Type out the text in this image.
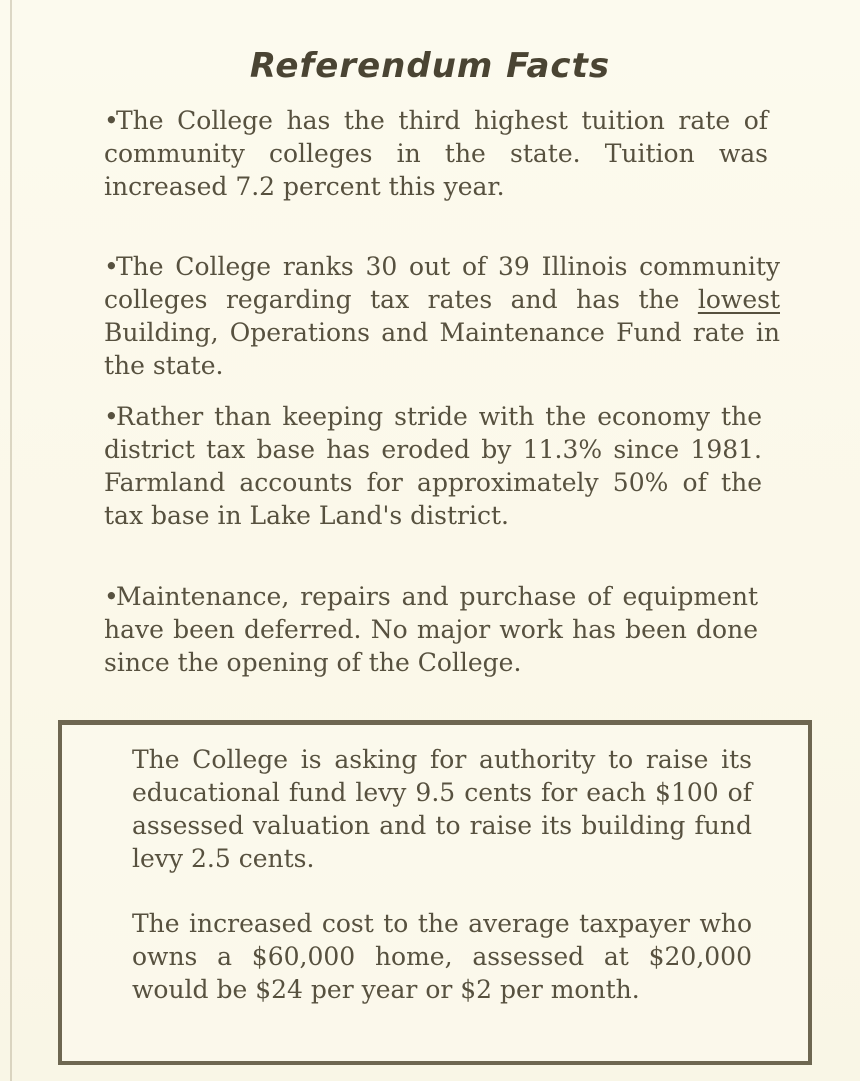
Referendum Facts
•The College has the third highest tuition rate of community colleges in the state. Tuition was increased 7.2 percent this year.
•The College ranks 30 out of 39 Illinois community colleges regarding tax rates and has the lowest Building, Operations and Maintenance Fund rate in the state.
•Rather than keeping stride with the economy the district tax base has eroded by 11.3% since 1981. Farmland accounts for approximately 50% of the tax base in Lake Land's district.
•Maintenance, repairs and purchase of equipment have been deferred. No major work has been done since the opening of the College.
The College is asking for authority to raise its educational fund levy 9.5 cents for each $100 of assessed valuation and to raise its building fund levy 2.5 cents.
The increased cost to the average taxpayer who owns a $60,000 home, assessed at $20,000 would be $24 per year or $2 per month.
